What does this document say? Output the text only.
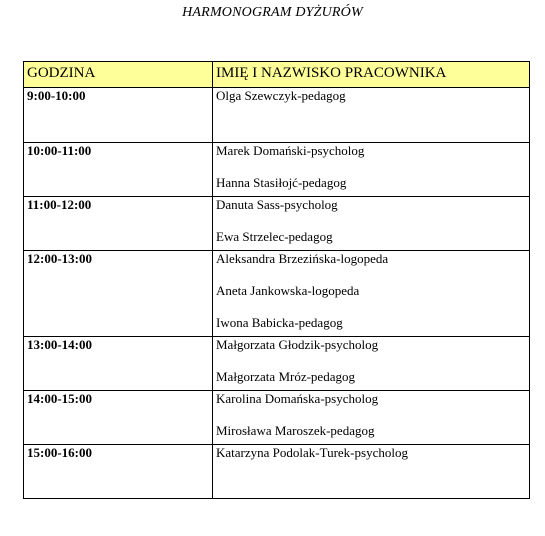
HARMONOGRAM DYŻURÓW
GODZINA	IMIĘ I NAZWISKO PRACOWNIKA
9:00-10:00	Olga Szewczyk-pedagog

10:00-11:00	Marek Domański-psycholog
Hanna Stasiłojć-pedagog

11:00-12:00	Danuta Sass-psycholog
Ewa Strzelec-pedagog

12:00-13:00	Aleksandra Brzezińska-logopeda
Aneta Jankowska-logopeda
Iwona Babicka-pedagog

13:00-14:00	Małgorzata Głodzik-psycholog
Małgorzata Mróz-pedagog

14:00-15:00	Karolina Domańska-psycholog
Mirosława Maroszek-pedagog

15:00-16:00	Katarzyna Podolak-Turek-psycholog
